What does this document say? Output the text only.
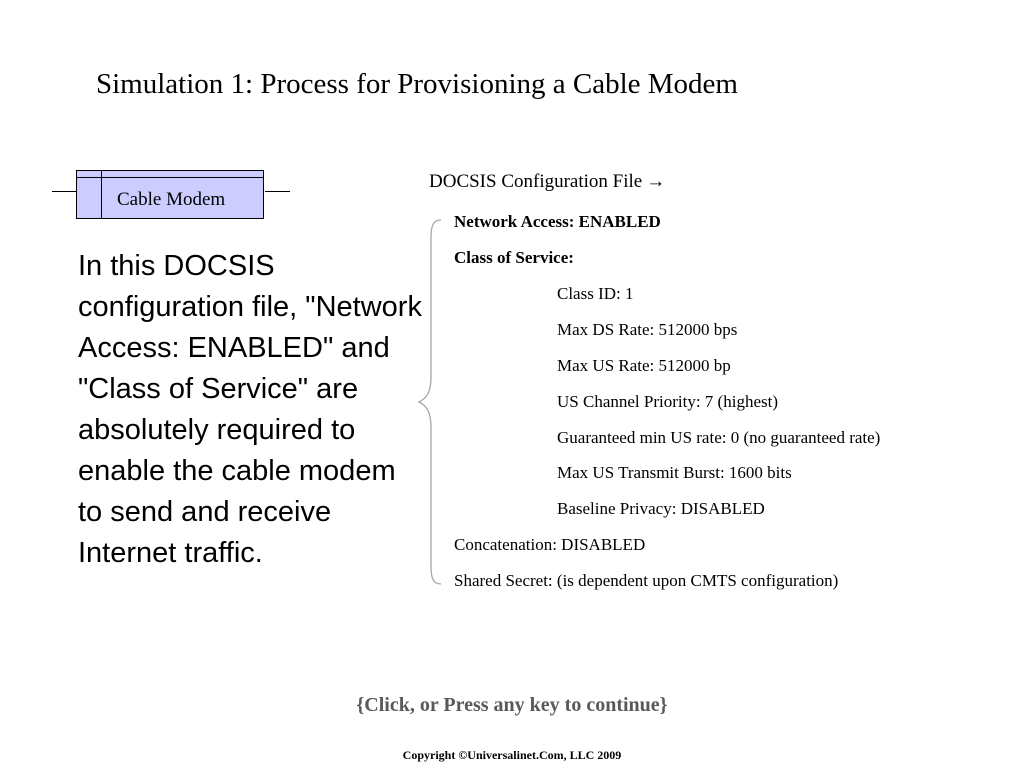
Simulation 1: Process for Provisioning a Cable Modem
Cable Modem

In this DOCSIS configuration file, "Network Access: ENABLED" and "Class of Service" are absolutely required to enable the cable modem to send and receive Internet traffic.

DOCSIS Configuration File →
Network Access: ENABLED
Class of Service:
Class ID: 1
Max DS Rate: 512000 bps
Max US Rate: 512000 bp
US Channel Priority: 7 (highest)
Guaranteed min US rate: 0 (no guaranteed rate)
Max US Transmit Burst: 1600 bits
Baseline Privacy: DISABLED
Concatenation: DISABLED
Shared Secret: (is dependent upon CMTS configuration)
{Click, or Press any key to continue}
Copyright ©Universalinet.Com, LLC 2009
